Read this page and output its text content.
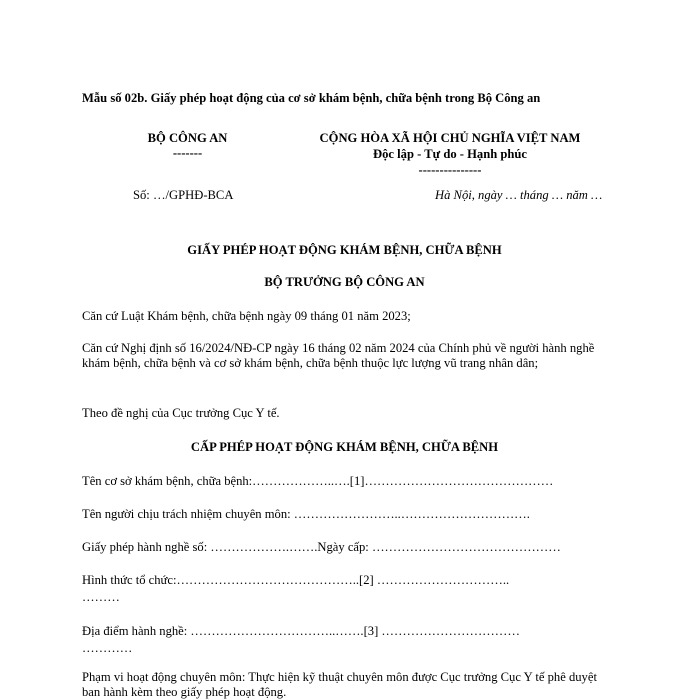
Mẫu số 02b. Giấy phép hoạt động của cơ sở khám bệnh, chữa bệnh trong Bộ Công an
BỘ CÔNG AN
-------
CỘNG HÒA XÃ HỘI CHỦ NGHĨA VIỆT NAM
Độc lập - Tự do - Hạnh phúc
---------------
Số: …/GPHĐ-BCA	Hà Nội, ngày … tháng … năm …
GIẤY PHÉP HOẠT ĐỘNG KHÁM BỆNH, CHỮA BỆNH
BỘ TRƯỞNG BỘ CÔNG AN
Căn cứ Luật Khám bệnh, chữa bệnh ngày 09 tháng 01 năm 2023;
Căn cứ Nghị định số 16/2024/NĐ-CP ngày 16 tháng 02 năm 2024 của Chính phủ về người hành nghề khám bệnh, chữa bệnh và cơ sở khám bệnh, chữa bệnh thuộc lực lượng vũ trang nhân dân;
Theo đề nghị của Cục trưởng Cục Y tế.
CẤP PHÉP HOẠT ĐỘNG KHÁM BỆNH, CHỮA BỆNH
Tên cơ sở khám bệnh, chữa bệnh:………………..….[1]………………………………………
Tên người chịu trách nhiệm chuyên môn: ……………………..………………………….
Giấy phép hành nghề số: ……………….…….Ngày cấp: ………………………………………
Hình thức tổ chức:……………………………………..[2] …………………………..
………
Địa điểm hành nghề: ……………………………..…….[3] ……………………………
…………
Phạm vi hoạt động chuyên môn: Thực hiện kỹ thuật chuyên môn được Cục trưởng Cục Y tế phê duyệt ban hành kèm theo giấy phép hoạt động.
